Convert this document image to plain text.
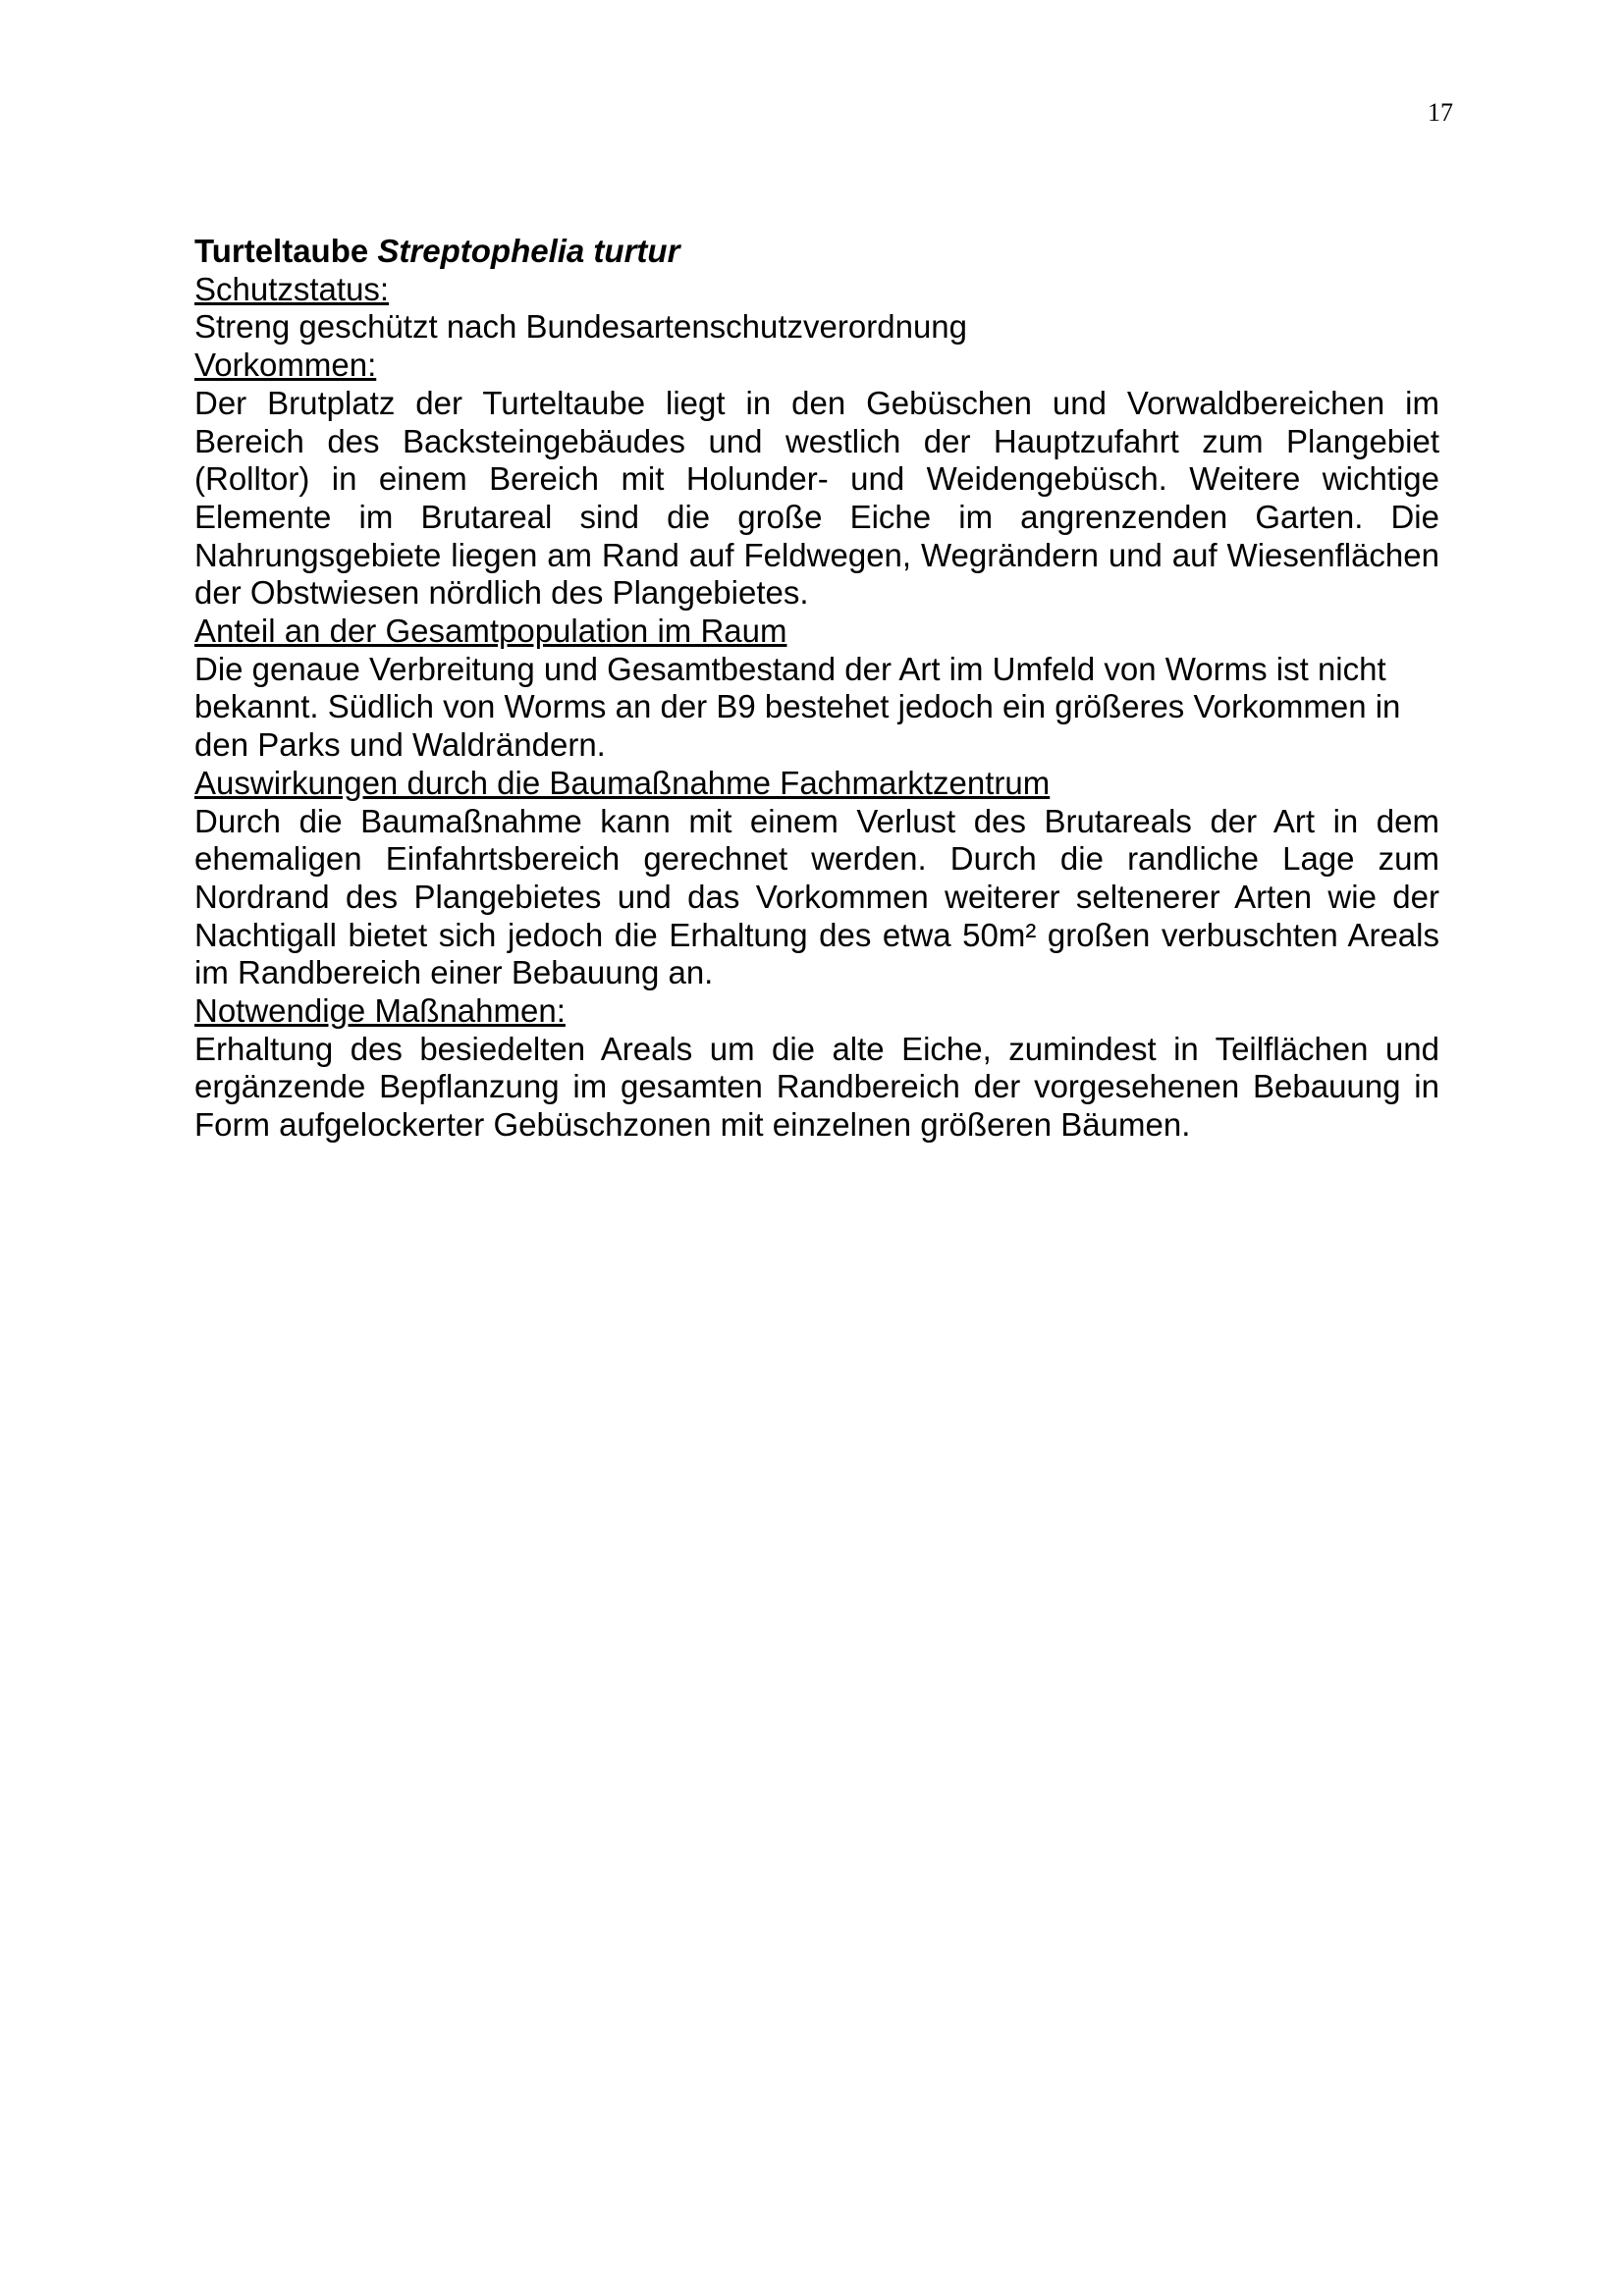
17

Turteltaube Streptophelia turtur

Schutzstatus:

Streng geschützt nach Bundesartenschutzverordnung

Vorkommen:

Der Brutplatz der Turteltaube liegt in den Gebüschen und Vorwaldbereichen im Bereich des Backsteingebäudes und westlich der Hauptzufahrt zum Plangebiet (Rolltor) in einem Bereich mit Holunder- und Weidengebüsch. Weitere wichtige Elemente im Brutareal sind die große Eiche im angrenzenden Garten. Die Nahrungsgebiete liegen am Rand auf Feldwegen, Wegrändern und auf Wiesenflächen der Obstwiesen nördlich des Plangebietes.

Anteil an der Gesamtpopulation im Raum

Die genaue Verbreitung und Gesamtbestand der Art im Umfeld von Worms ist nicht bekannt. Südlich von Worms an der B9 bestehet jedoch ein größeres Vorkommen in den Parks und Waldrändern.

Auswirkungen durch die Baumaßnahme Fachmarktzentrum

Durch die Baumaßnahme kann mit einem Verlust des Brutareals der Art in dem ehemaligen Einfahrtsbereich gerechnet werden. Durch die randliche Lage zum Nordrand des Plangebietes und das Vorkommen weiterer seltenerer Arten wie der Nachtigall bietet sich jedoch die Erhaltung des etwa 50m² großen verbuschten Areals im Randbereich einer Bebauung an.

Notwendige Maßnahmen:

Erhaltung des besiedelten Areals um die alte Eiche, zumindest in Teilflächen und ergänzende Bepflanzung im gesamten Randbereich der vorgesehenen Bebauung in Form aufgelockerter Gebüschzonen mit einzelnen größeren Bäumen.
